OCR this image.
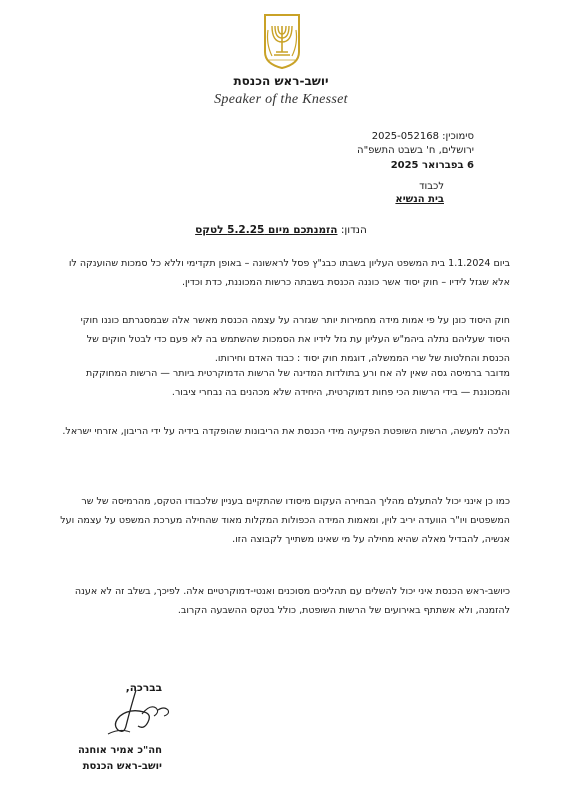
יושב-ראש הכנסת
Speaker of the Knesset
סימוכין: 2025-052168
ירושלים, ח' בשבט התשפ"ה
6 בפברואר 2025
לכבוד
בית הנשיא
הנדון: הזמנתכם מיום 5.2.25 לטקס
ביום 1.1.2024 בית המשפט העליון בשבתו כבג"ץ פסל לראשונה – באופן תקדימי וללא כל סמכות שהוענקה לו אלא שגזל לידיו – חוק יסוד אשר כוננה הכנסת בשבתה כרשות המכוננת, כדת וכדין.
חוק היסוד כונן על פי אמות מידה מחמירות יותר שגזרה על עצמה הכנסת מאשר אלה שבמסגרתם כוננו חוקי היסוד שעליהם נתלה ביהמ"ש העליון עת גזל לידיו את הסמכות שהשתמש בה לא פעם כדי לבטל חוקים של הכנסת והחלטות של שרי הממשלה, דוגמת חוק יסוד : כבוד האדם וחירותו.
מדובר ברמיסה גסה שאין לה אח ורע בתולדות המדינה של הרשות הדמוקרטית ביותר — הרשות המחוקקת והמכוננת — בידי הרשות הכי פחות דמוקרטית, היחידה שלא מכהנים בה נבחרי ציבור.
הלכה למעשה, הרשות השופטת הפקיעה מידי הכנסת את הריבונות שהופקדה בידיה על ידי הריבון, אזרחי ישראל.
כמו כן אינני יכול להתעלם מהליך הבחירה העקום מיסודו שהתקיים בעניין שלכבודו הטקס, מהרמיסה של שר המשפטים ויו"ר הוועדה יריב לוין, ומאמות המידה הכפולות המקלות מאוד שהחילה מערכת המשפט על עצמה ועל אנשיה, להבדיל מאלה שהיא מחילה על מי שאינו משתייך לקבוצה הזו.
כיושב-ראש הכנסת איני יכול להשלים עם תהליכים מסוכנים ואנטי-דמוקרטיים אלה. לפיכך, בשלב זה לא אענה להזמנה, ולא אשתתף באירועים של הרשות השופטת, כולל בטקס ההשבעה הקרוב.
בברכה,
חה"כ אמיר אוחנה
יושב-ראש הכנסת
